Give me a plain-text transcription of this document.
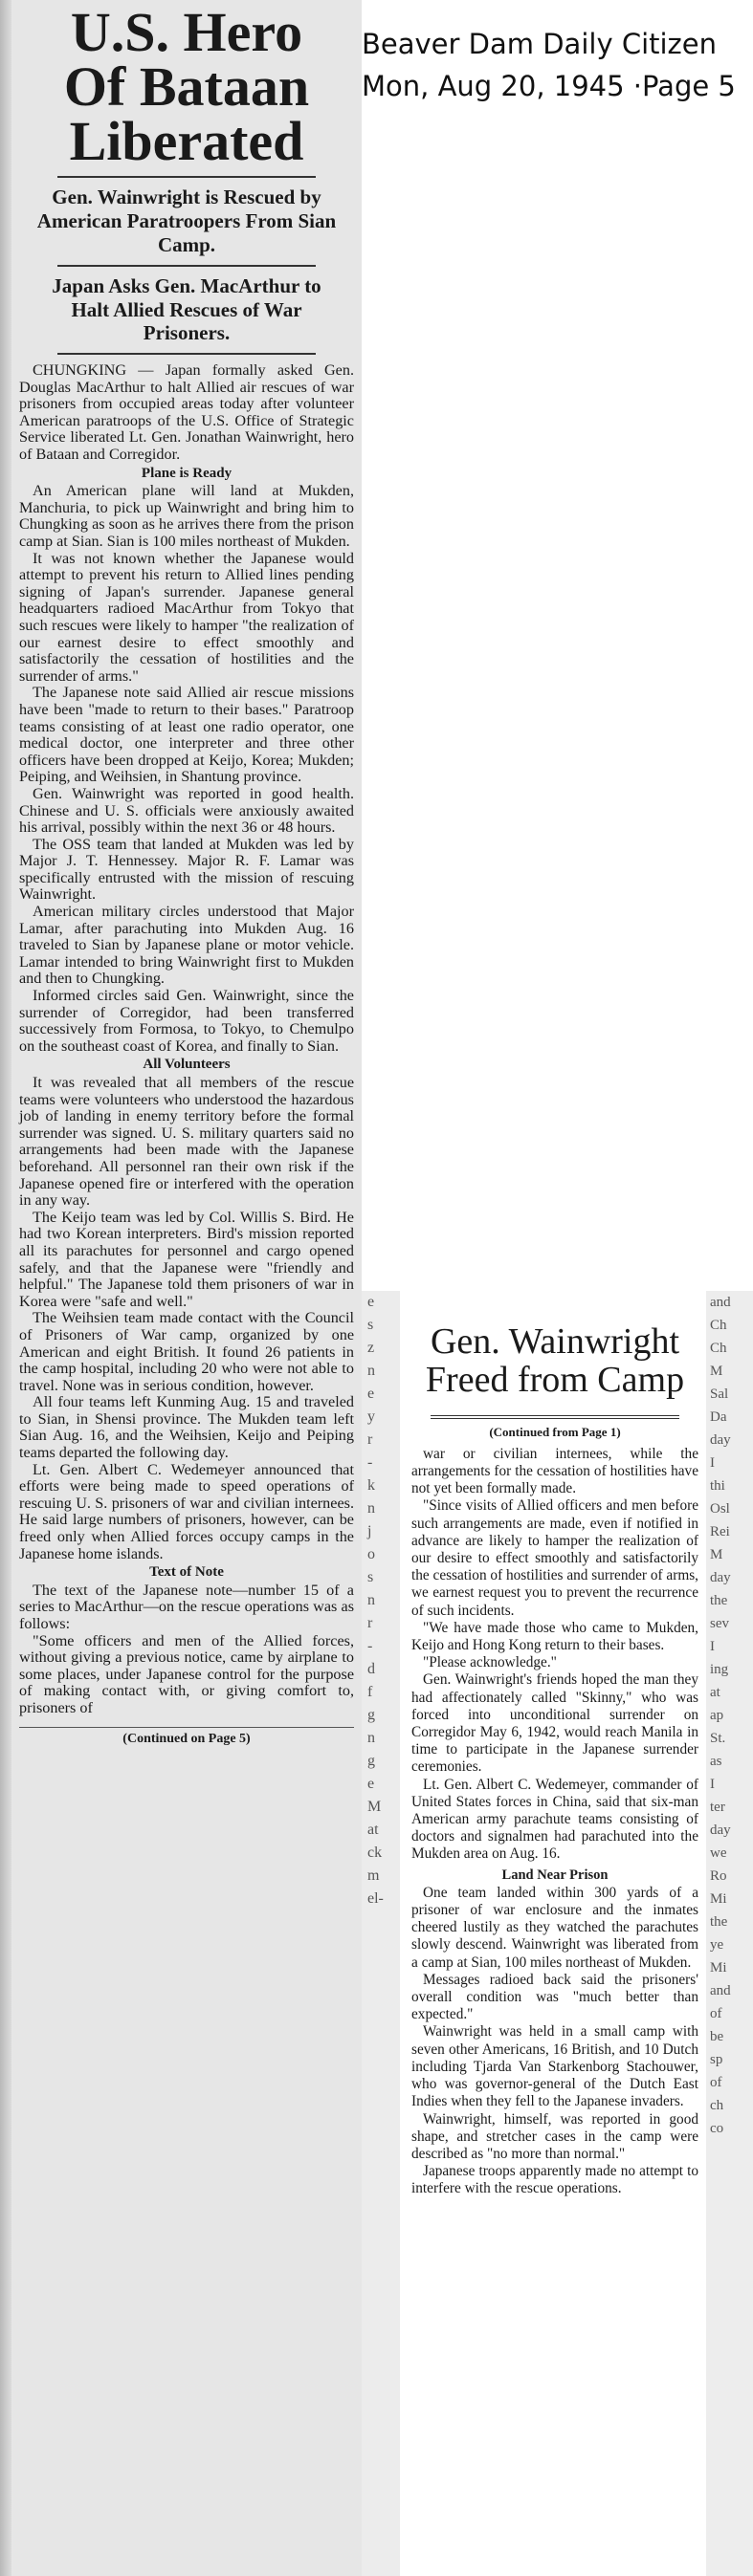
U.S. Hero
Of Bataan
Liberated
Gen. Wainwright is Rescued by American Paratroopers From Sian Camp.
Japan Asks Gen. MacArthur to Halt Allied Rescues of War Prisoners.

CHUNGKING — Japan formally asked Gen. Douglas MacArthur to halt Allied air rescues of war prisoners from occupied areas today after volunteer American paratroops of the U.S. Office of Strategic Service liberated Lt. Gen. Jonathan Wainwright, hero of Bataan and Corregidor.

Plane is Ready

An American plane will land at Mukden, Manchuria, to pick up Wainwright and bring him to Chungking as soon as he arrives there from the prison camp at Sian. Sian is 100 miles northeast of Mukden.

It was not known whether the Japanese would attempt to prevent his return to Allied lines pending signing of Japan's surrender. Japanese general headquarters radioed MacArthur from Tokyo that such rescues were likely to hamper "the realization of our earnest desire to effect smoothly and satisfactorily the cessation of hostilities and the surrender of arms."

The Japanese note said Allied air rescue missions have been "made to return to their bases." Paratroop teams consisting of at least one radio operator, one medical doctor, one interpreter and three other officers have been dropped at Keijo, Korea; Mukden; Peiping, and Weihsien, in Shantung province.

Gen. Wainwright was reported in good health. Chinese and U. S. officials were anxiously awaited his arrival, possibly within the next 36 or 48 hours.

The OSS team that landed at Mukden was led by Major J. T. Hennessey. Major R. F. Lamar was specifically entrusted with the mission of rescuing Wainwright.

American military circles understood that Major Lamar, after parachuting into Mukden Aug. 16 traveled to Sian by Japanese plane or motor vehicle. Lamar intended to bring Wainwright first to Mukden and then to Chungking.

Informed circles said Gen. Wainwright, since the surrender of Corregidor, had been transferred successively from Formosa, to Tokyo, to Chemulpo on the southeast coast of Korea, and finally to Sian.

All Volunteers

It was revealed that all members of the rescue teams were volunteers who understood the hazardous job of landing in enemy territory before the formal surrender was signed. U. S. military quarters said no arrangements had been made with the Japanese beforehand. All personnel ran their own risk if the Japanese opened fire or interfered with the operation in any way.

The Keijo team was led by Col. Willis S. Bird. He had two Korean interpreters. Bird's mission reported all its parachutes for personnel and cargo opened safely, and that the Japanese were "friendly and helpful." The Japanese told them prisoners of war in Korea were "safe and well."

The Weihsien team made contact with the Council of Prisoners of War camp, organized by one American and eight British. It found 26 patients in the camp hospital, including 20 who were not able to travel. None was in serious condition, however.

All four teams left Kunming Aug. 15 and traveled to Sian, in Shensi province. The Mukden team left Sian Aug. 16, and the Weihsien, Keijo and Peiping teams departed the following day.

Lt. Gen. Albert C. Wedemeyer announced that efforts were being made to speed operations of rescuing U. S. prisoners of war and civilian internees. He said large numbers of prisoners, however, can be freed only when Allied forces occupy camps in the Japanese home islands.

Text of Note

The text of the Japanese note—number 15 of a series to MacArthur—on the rescue operations was as follows:

"Some officers and men of the Allied forces, without giving a previous notice, came by airplane to some places, under Japanese control for the purpose of making contact with, or giving comfort to, prisoners of

(Continued on Page 5)
Beaver Dam Daily Citizen
Mon, Aug 20, 1945 ·Page 5
e
s
z
n
e
y
r
-
k
n
j
o
s
n
r
-
d
f
g
n
g
e
M
at
ck
m
el-
Gen. Wainwright
Freed from Camp
(Continued from Page 1)

war or civilian internees, while the arrangements for the cessation of hostilities have not yet been formally made.

"Since visits of Allied officers and men before such arrangements are made, even if notified in advance are likely to hamper the realization of our desire to effect smoothly and satisfactorily the cessation of hostilities and surrender of arms, we earnest request you to prevent the recurrence of such incidents.

"We have made those who came to Mukden, Keijo and Hong Kong return to their bases.

"Please acknowledge."

Gen. Wainwright's friends hoped the man they had affectionately called "Skinny," who was forced into unconditional surrender on Corregidor May 6, 1942, would reach Manila in time to participate in the Japanese surrender ceremonies.

Lt. Gen. Albert C. Wedemeyer, commander of United States forces in China, said that six-man American army parachute teams consisting of doctors and signalmen had parachuted into the Mukden area on Aug. 16.

Land Near Prison

One team landed within 300 yards of a prisoner of war enclosure and the inmates cheered lustily as they watched the parachutes slowly descend. Wainwright was liberated from a camp at Sian, 100 miles northeast of Mukden.

Messages radioed back said the prisoners' overall condition was "much better than expected."

Wainwright was held in a small camp with seven other Americans, 16 British, and 10 Dutch including Tjarda Van Starkenborg Stachouwer, who was governor-general of the Dutch East Indies when they fell to the Japanese invaders.

Wainwright, himself, was reported in good shape, and stretcher cases in the camp were described as "no more than normal."

Japanese troops apparently made no attempt to interfere with the rescue operations.

and
Ch
Ch
M
Sal
Da
day
I
thi
Osl
Rei
M
day
the
sev
I
ing
at
ap
St.
as
I
ter
day
we
Ro
Mi
the
ye
Mi
and
of
be
sp
of
ch
co
